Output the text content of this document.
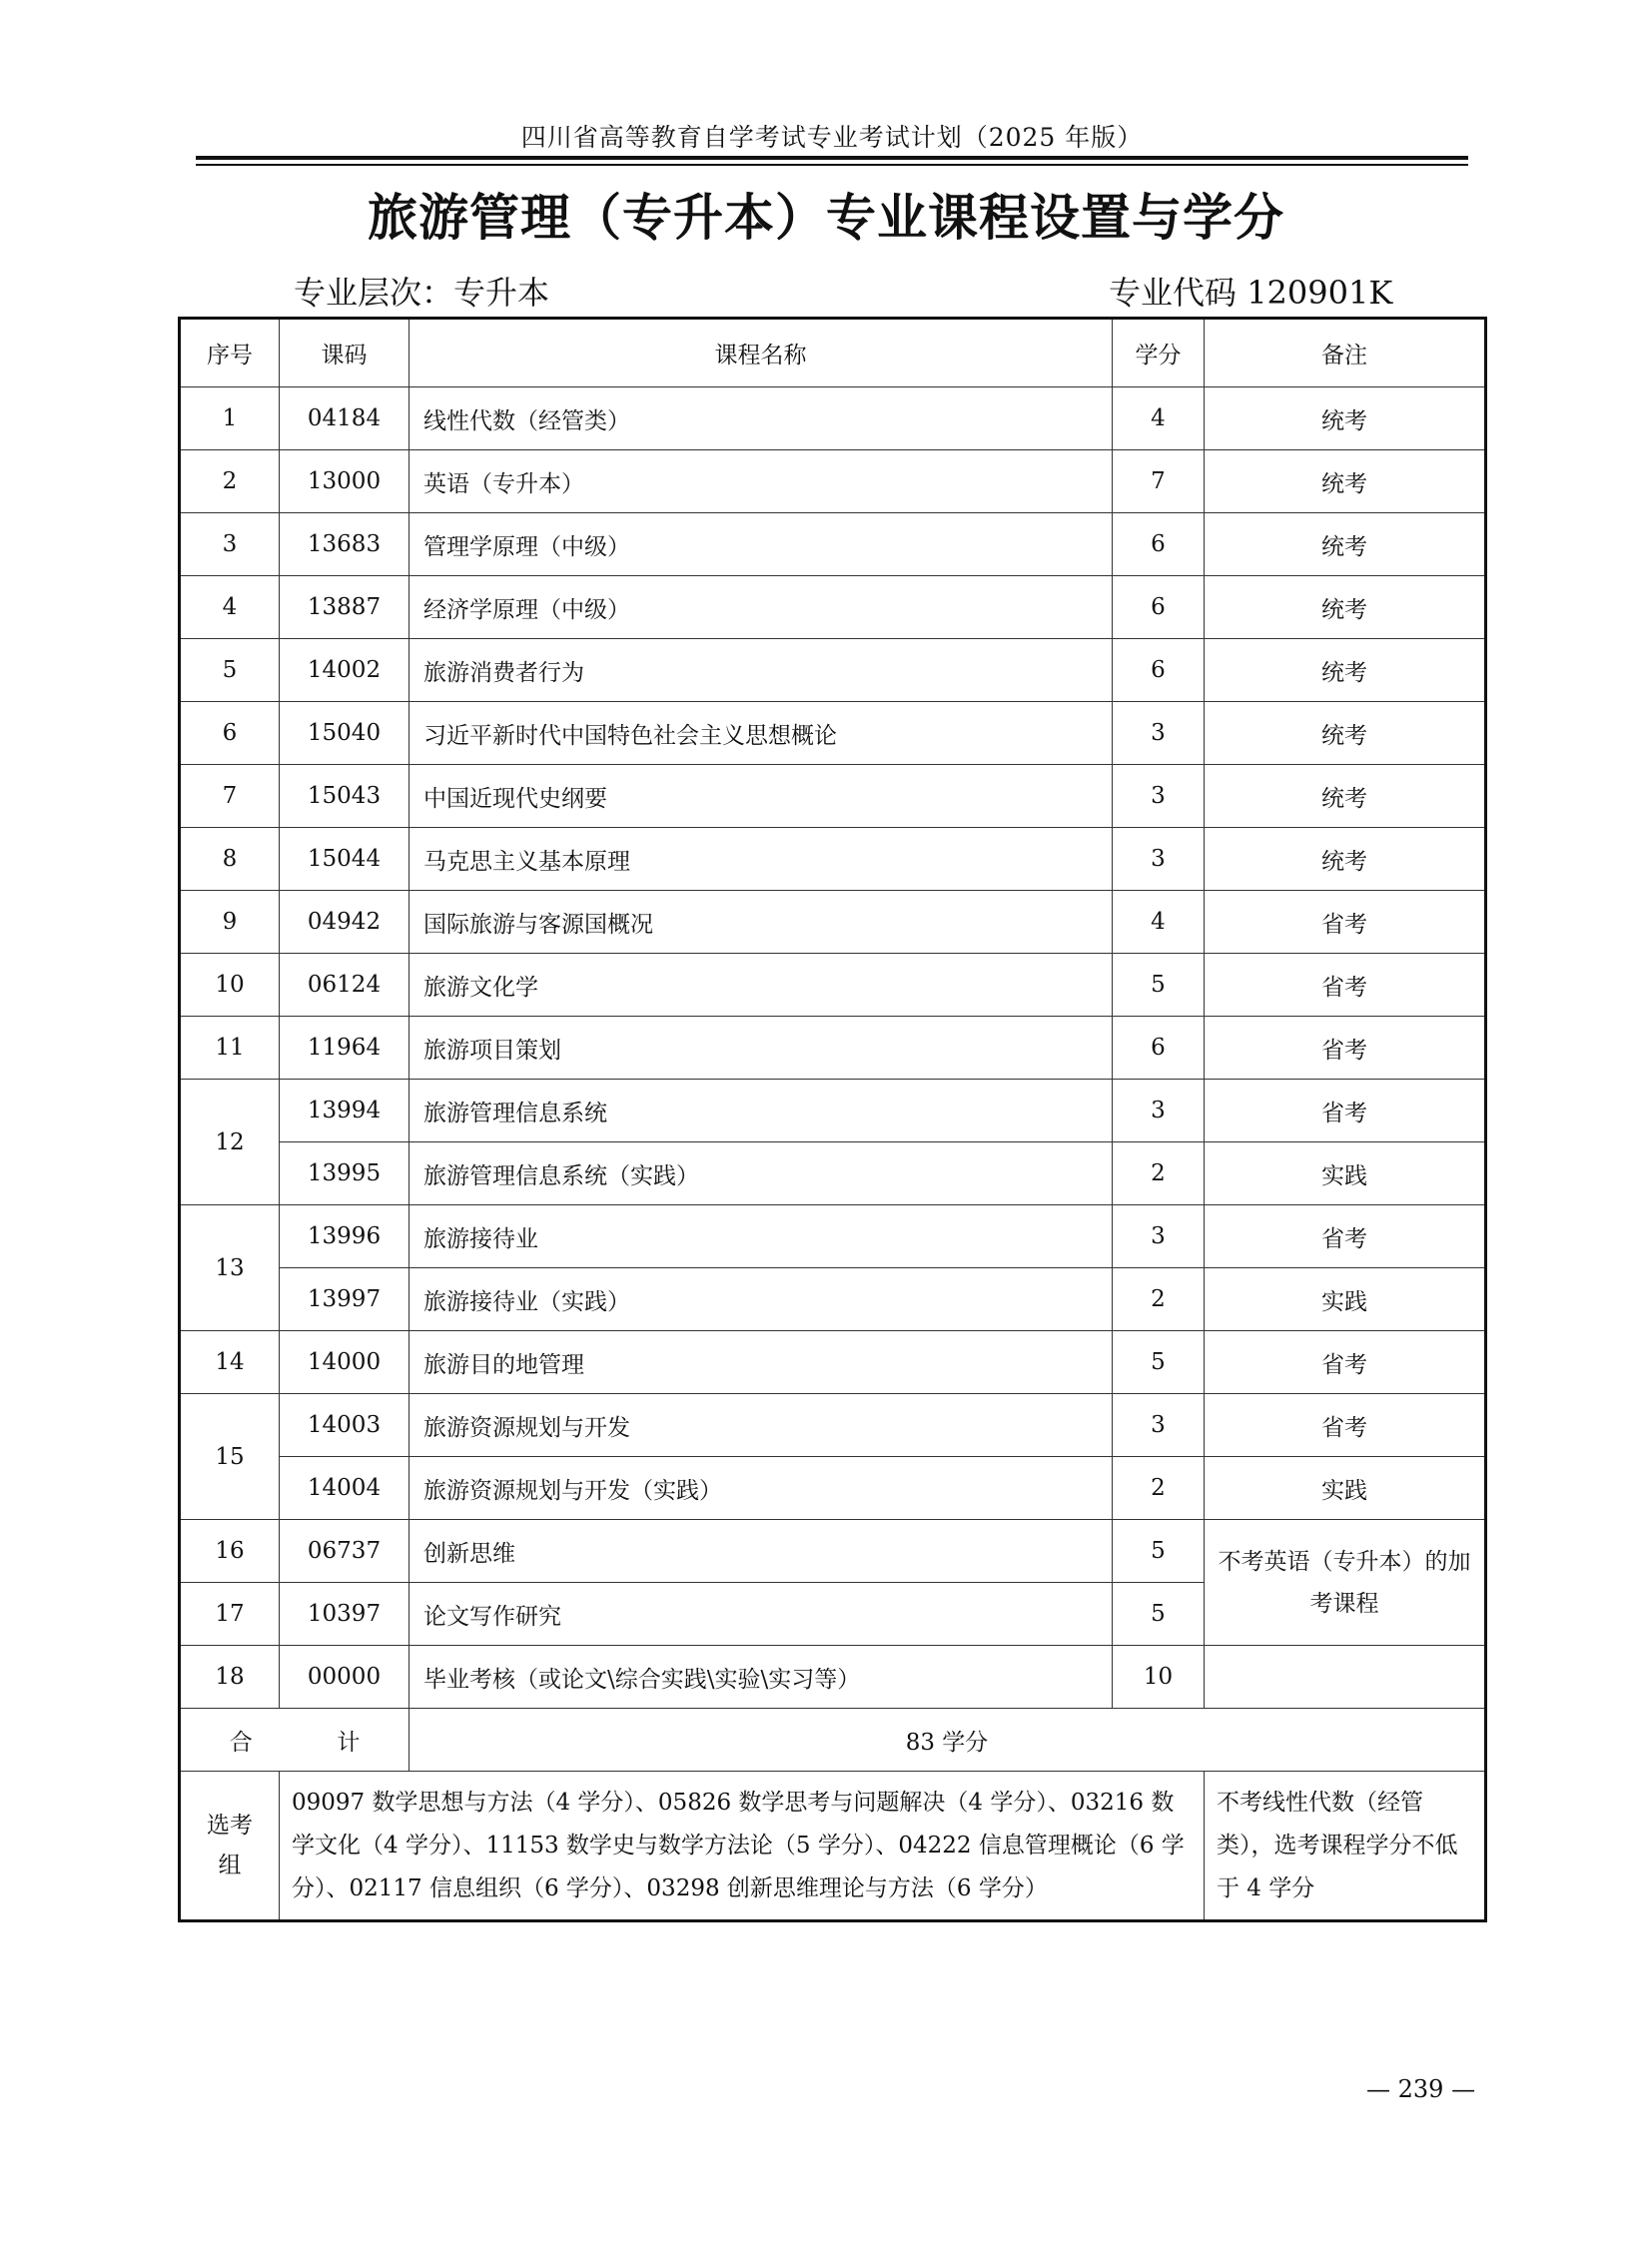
四川省高等教育自学考试专业考试计划（2025 年版）
旅游管理（专升本）专业课程设置与学分
专业层次：专升本	专业代码 120901K
序号	课码	课程名称	学分	备注
1	04184	线性代数（经管类）	4	统考
2	13000	英语（专升本）	7	统考
3	13683	管理学原理（中级）	6	统考
4	13887	经济学原理（中级）	6	统考
5	14002	旅游消费者行为	6	统考
6	15040	习近平新时代中国特色社会主义思想概论	3	统考
7	15043	中国近现代史纲要	3	统考
8	15044	马克思主义基本原理	3	统考
9	04942	国际旅游与客源国概况	4	省考
10	06124	旅游文化学	5	省考
11	11964	旅游项目策划	6	省考
12	13994	旅游管理信息系统	3	省考
	13995	旅游管理信息系统（实践）	2	实践
13	13996	旅游接待业	3	省考
	13997	旅游接待业（实践）	2	实践
14	14000	旅游目的地管理	5	省考
15	14003	旅游资源规划与开发	3	省考
	14004	旅游资源规划与开发（实践）	2	实践
16	06737	创新思维	5	不考英语（专升本）的加考课程
17	10397	论文写作研究	5	
18	00000	毕业考核（或论文\综合实践\实验\实习等）	10	
合 计		83 学分		
选考组	09097 数学思想与方法（4 学分）、05826 数学思考与问题解决（4 学分）、03216 数学文化（4 学分）、11153 数学史与数学方法论（5 学分）、04222 信息管理概论（6 学分）、02117 信息组织（6 学分）、03298 创新思维理论与方法（6 学分）			不考线性代数（经管类），选考课程学分不低于 4 学分
— 239 —
